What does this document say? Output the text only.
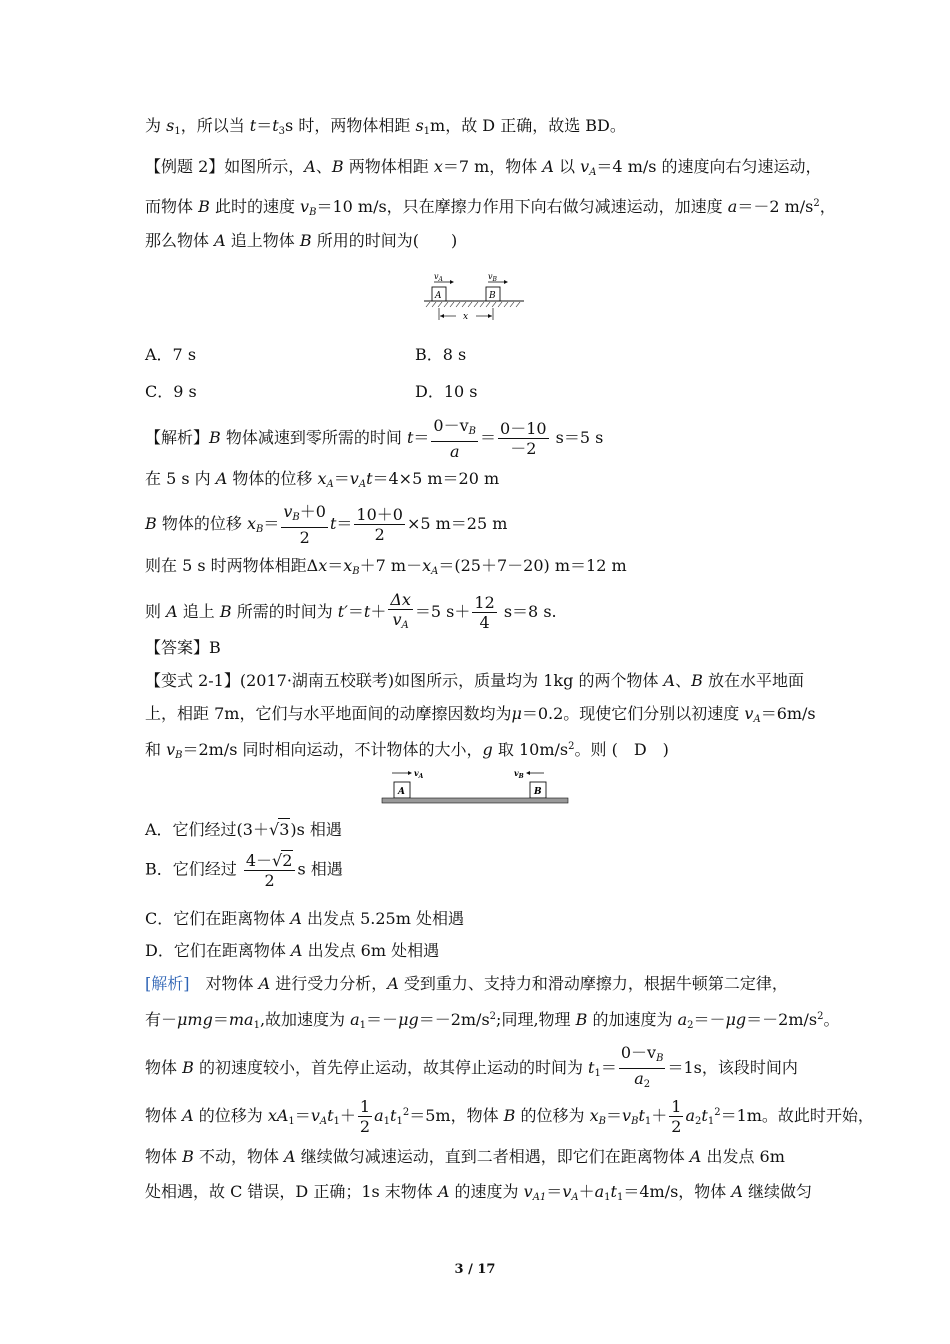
为 $s_1$，所以当 $t=t_3s$ 时，两物体相距 $s_1m$，故 D 正确，故选 BD。
【例题 2】如图所示，A、B 两物体相距 x＝7 m，物体 A 以 $v_A=4$ m/s 的速度向右匀速运动，
而物体 B 此时的速度 $v_B=10$ m/s，只在摩擦力作用下向右做匀减速运动，加速度 a＝－2 $m/s^2$，
那么物体 A 追上物体 B 所用的时间为(　　)
$v_A$	$v_B$
A	B
x
A．7 s	B．8 s
C．9 s	D．10 s
【解析】B 物体减速到零所需的时间 $t= \frac{0-v_B}{a} = \frac{0-10}{-2} s=5$ s
在 5 s 内 A 物体的位移 $x_A=v_At=4\times 5$ m＝20 m
B 物体的位移 $x_B= \frac{v_B+0}{2} t= \frac{10+0}{2} \times 5$ m＝25 m
则在 5 s 时两物体相距$\Delta x=x_B+7$ $m-x_A=(25+7-20)$ m＝12 m
则 A 追上 B 所需的时间为 $t'=t+ \frac{\Delta x}{v_A} =5$ $s+ \frac{12}{4} s=8$ s.
【答案】B
【变式 2-1】(2017·湖南五校联考)如图所示，质量均为 1kg 的两个物体 A、B 放在水平地面
上，相距 7m，它们与水平地面间的动摩擦因数均为μ＝0.2。现使它们分别以初速度 $v_A=6m/s$
和 $v_B=2m/s$ 同时相向运动，不计物体的大小，g 取 $10m/s^2$。则 (　D　)
$v_A$	$v_B$
A	B
A．它们经过(3＋√3)s 相遇
B．它们经过 $\frac{4-√2}{2}$ s 相遇
C．它们在距离物体 A 出发点 5.25m 处相遇
D．它们在距离物体 A 出发点 6m 处相遇
[解析]　对物体 A 进行受力分析，A 受到重力、支持力和滑动摩擦力，根据牛顿第二定律，
有$-\mu mg=ma_1$,故加速度为 $a_1=-\mu g=-2m/s^2$;同理,物理 B 的加速度为 $a_2=-\mu g=-2m/s^2$。
物体 B 的初速度较小，首先停止运动，故其停止运动的时间为 $t_1= \frac{0-v_B}{a_2} =1s$，该段时间内
物体 A 的位移为 $xA_1=v_At_1+ \frac{1}{2} a_1t_1^2=5m$，物体 B 的位移为 $x_B=v_Bt_1+ \frac{1}{2} a_2t_1^2=1m$。故此时开始，
物体 B 不动，物体 A 继续做匀减速运动，直到二者相遇，即它们在距离物体 A 出发点 6m
处相遇，故 C 错误，D 正确；1s 末物体 A 的速度为 $v_{A1}=v_A+a_1t_1=4m/s$，物体 A 继续做匀
3 / 17
